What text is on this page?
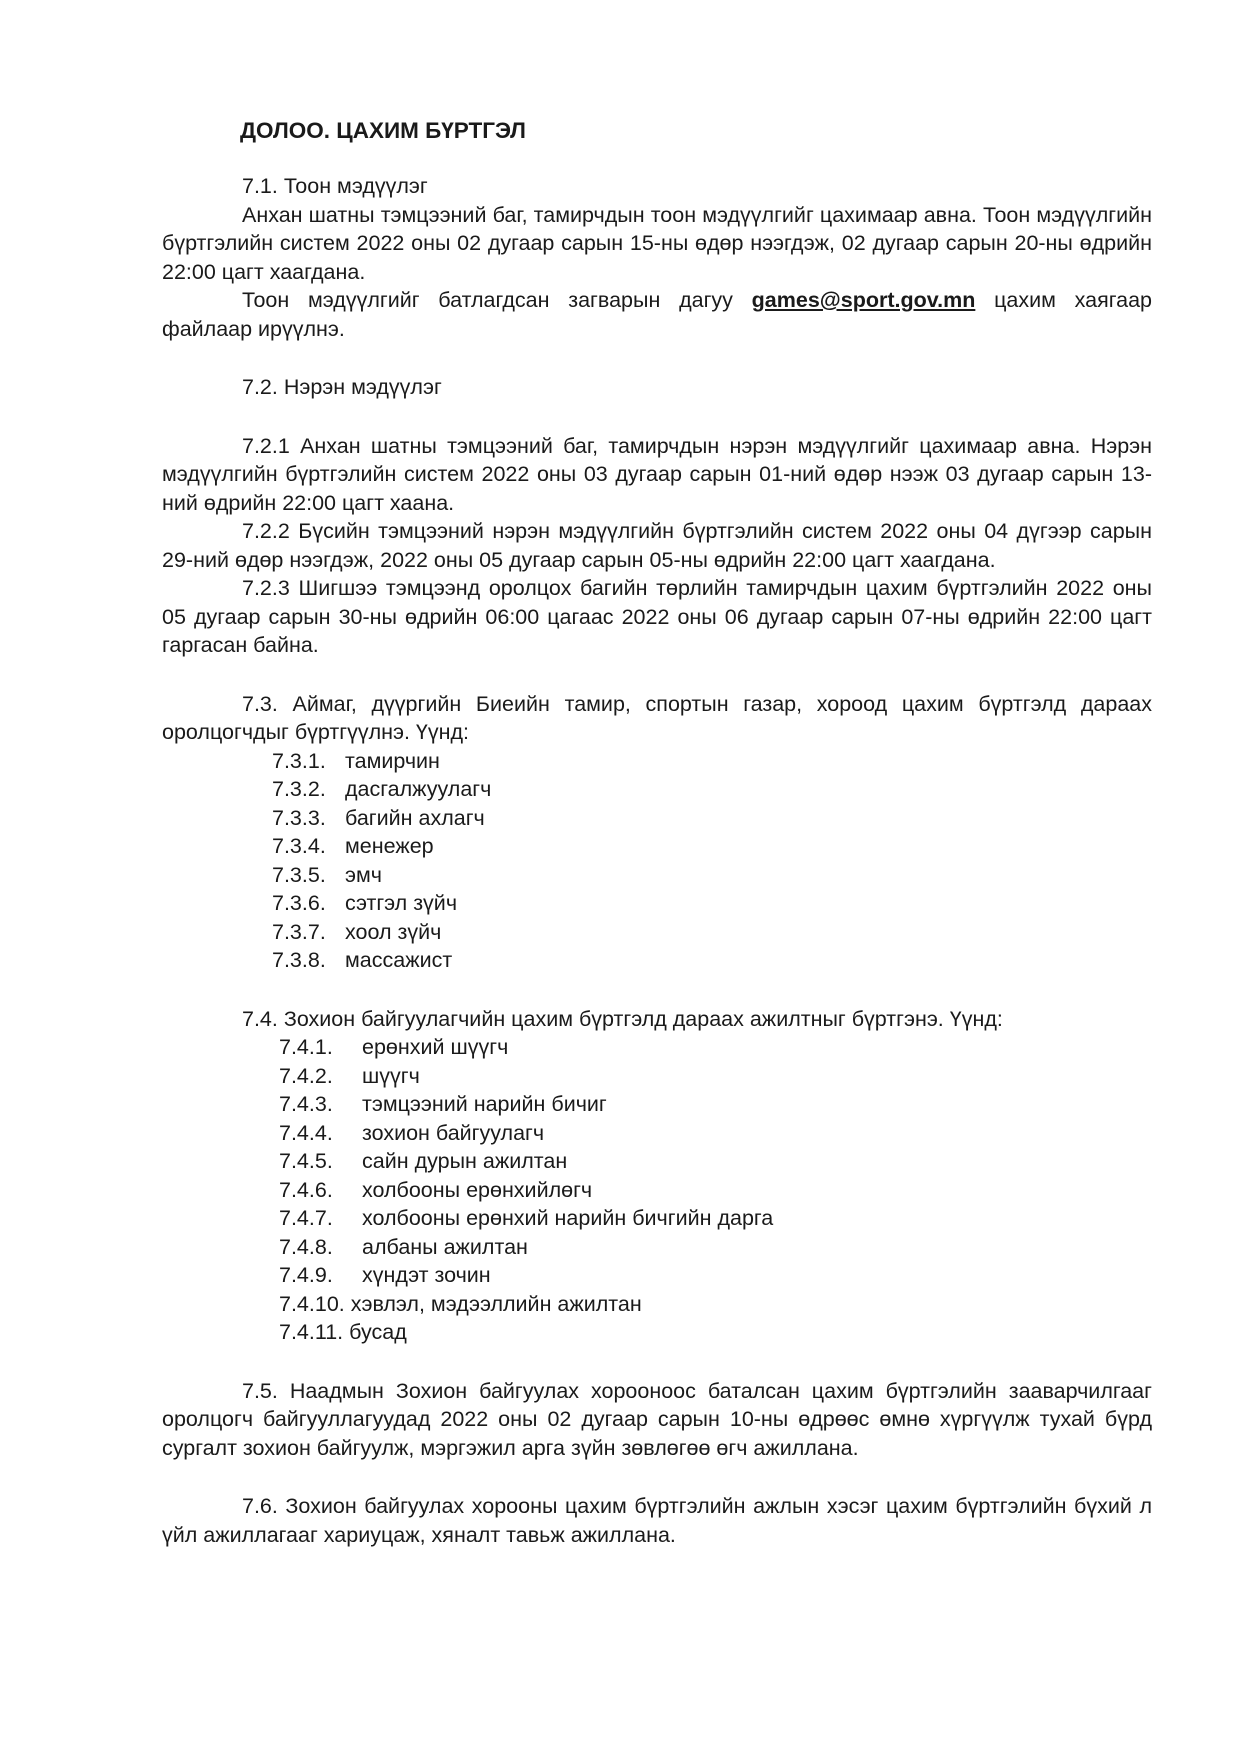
ДОЛОО. ЦАХИМ БҮРТГЭЛ

7.1. Тоон мэдүүлэг

Анхан шатны тэмцээний баг, тамирчдын тоон мэдүүлгийг цахимаар авна. Тоон мэдүүлгийн бүртгэлийн систем 2022 оны 02 дугаар сарын 15-ны өдөр нээгдэж, 02 дугаар сарын 20-ны өдрийн 22:00 цагт хаагдана.

Тоон мэдүүлгийг батлагдсан загварын дагуу games@sport.gov.mn цахим хаягаар файлаар ирүүлнэ.

7.2. Нэрэн мэдүүлэг

7.2.1 Анхан шатны тэмцээний баг, тамирчдын нэрэн мэдүүлгийг цахимаар авна. Нэрэн мэдүүлгийн бүртгэлийн систем 2022 оны 03 дугаар сарын 01-ний өдөр нээж 03 дугаар сарын 13-ний өдрийн 22:00 цагт хаана.

7.2.2 Бүсийн тэмцээний нэрэн мэдүүлгийн бүртгэлийн систем 2022 оны 04 дүгээр сарын 29-ний өдөр нээгдэж, 2022 оны 05 дугаар сарын 05-ны өдрийн 22:00 цагт хаагдана.

7.2.3 Шигшээ тэмцээнд оролцох багийн төрлийн тамирчдын цахим бүртгэлийн 2022 оны 05 дугаар сарын 30-ны өдрийн 06:00 цагаас 2022 оны 06 дугаар сарын 07-ны өдрийн 22:00 цагт гаргасан байна.

7.3. Аймаг, дүүргийн Биеийн тамир, спортын газар, хороод цахим бүртгэлд дараах оролцогчдыг бүртгүүлнэ. Үүнд:

7.3.1. тамирчин
7.3.2. дасгалжуулагч
7.3.3. багийн ахлагч
7.3.4. менежер
7.3.5. эмч
7.3.6. сэтгэл зүйч
7.3.7. хоол зүйч
7.3.8. массажист

7.4. Зохион байгуулагчийн цахим бүртгэлд дараах ажилтныг бүртгэнэ. Үүнд:

7.4.1. ерөнхий шүүгч
7.4.2. шүүгч
7.4.3. тэмцээний нарийн бичиг
7.4.4. зохион байгуулагч
7.4.5. сайн дурын ажилтан
7.4.6. холбооны ерөнхийлөгч
7.4.7. холбооны ерөнхий нарийн бичгийн дарга
7.4.8. албаны ажилтан
7.4.9. хүндэт зочин
7.4.10. хэвлэл, мэдээллийн ажилтан
7.4.11. бусад

7.5. Наадмын Зохион байгуулах хорооноос баталсан цахим бүртгэлийн зааварчилгааг оролцогч байгууллагуудад 2022 оны 02 дугаар сарын 10-ны өдрөөс өмнө хүргүүлж тухай бүрд сургалт зохион байгуулж, мэргэжил арга зүйн зөвлөгөө өгч ажиллана.

7.6. Зохион байгуулах хорооны цахим бүртгэлийн ажлын хэсэг цахим бүртгэлийн бүхий л үйл ажиллагааг хариуцаж, хяналт тавьж ажиллана.
